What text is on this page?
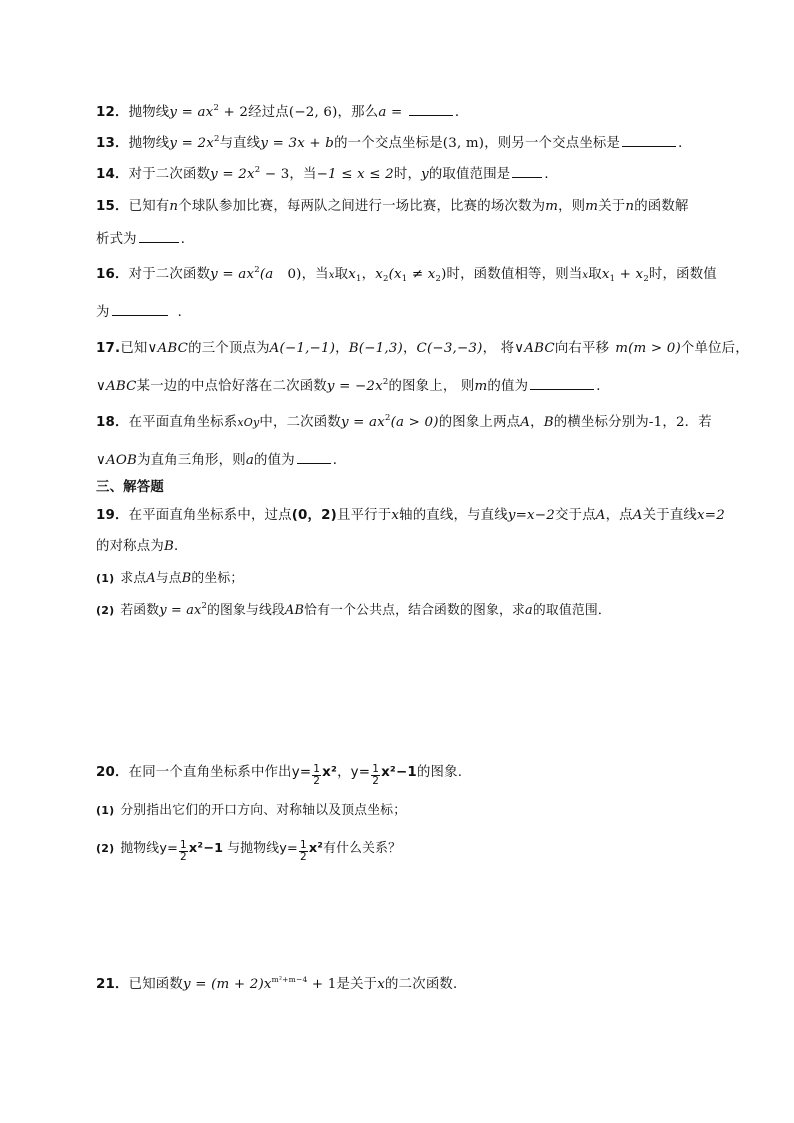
12．抛物线$y = ax^2 + 2$经过点(−2, 6)，那么a =	．
13．抛物线$y = 2x^2$与直线y = 3x + b的一个交点坐标是(3, m)，则另一个交点坐标是	．
14．对于二次函数$y = 2x^2 - 3$，当−1 ≤ x ≤ 2时，y的取值范围是	．
15．已知有n个球队参加比赛，每两队之间进行一场比赛，比赛的场次数为m，则m关于n的函数解
析式为	．
16．对于二次函数$y = ax^2(a$ 0)，当x取$x_1$，$x_2(x_1 \ne x_2)$时，函数值相等，则当x取$x_1 + x_2$时，函数值
为	．
17.已知∨ABC的三个顶点为A(−1,−1)，B(−1,3)，C(−3,−3)， 将∨ABC向右平移 m(m > 0)个单位后，
∨ABC某一边的中点恰好落在二次函数$y = -2x^2$的图象上， 则m的值为	．
18．在平面直角坐标系xOy中，二次函数$y = ax^2(a > 0)$的图象上两点A，B的横坐标分别为-1，2．若
∨AOB为直角三角形，则a的值为	．
三、解答题
19．在平面直角坐标系中，过点(0，2)且平行于x轴的直线，与直线y=x−2交于点A，点A关于直线x=2
的对称点为B．
(1) 求点A与点B的坐标；
(2) 若函数$y = ax^2$的图象与线段AB恰有一个公共点，结合函数的图象，求a的取值范围．
20．在同一个直角坐标系中作出$y= \frac{1}{2} x^2$，$y= \frac{1}{2} x^2-1$的图象.
(1) 分别指出它们的开口方向、对称轴以及顶点坐标；
(2) 抛物线$y= \frac{1}{2} x^2-1$ 与抛物线$y= \frac{1}{2} x^2$有什么关系？
21．已知函数$y = (m + 2)x^{m^2+m-4} + 1$是关于x的二次函数．
